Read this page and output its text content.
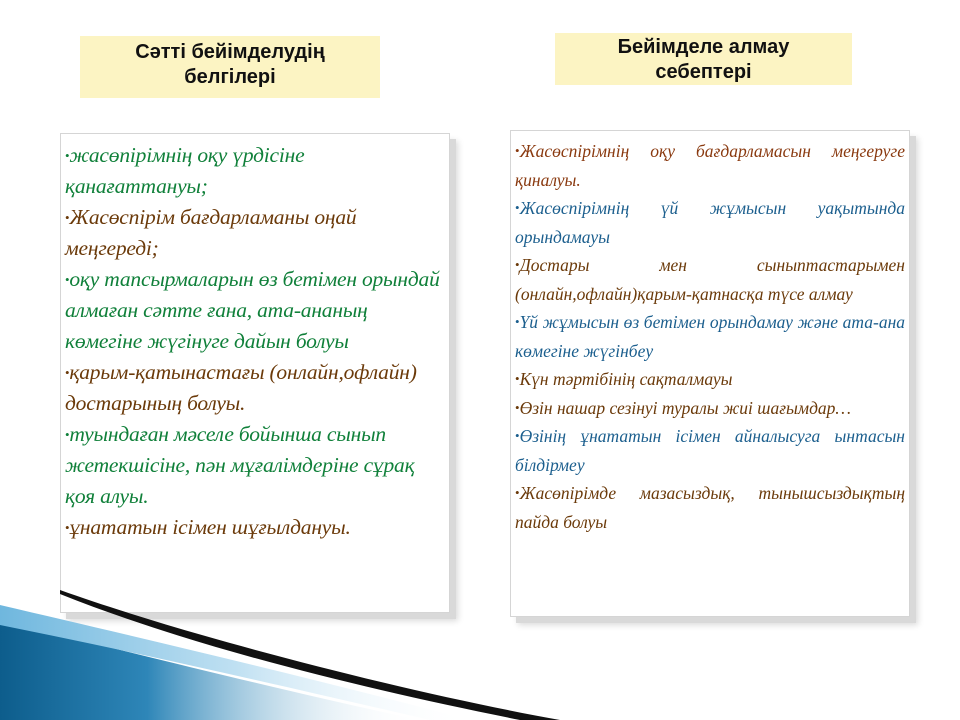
Сәтті бейімделудің
белгілері
Бейімделе алмау
себептері

•жасөпірімнің оқу үрдісіне қанағаттануы;

•Жасөспірім бағдарламаны оңай меңгереді;

•оқу тапсырмаларын өз бетімен орындай алмаған сәтте ғана, ата-ананың көмегіне жүгінуге дайын болуы

•қарым-қатынастағы (онлайн,офлайн) достарының болуы.

•туындаған мәселе бойынша сынып жетекшісіне, пән мұғалімдеріне сұрақ қоя алуы.

•ұнататын ісімен шұғылдануы.

•Жасөспірімнің оқу бағдарламасын меңгеруге қиналуы.

•Жасөспірімнің үй жұмысын уақытында орындамауы

•Достары мен сыныптастарымен (онлайн,офлайн)қарым-қатнасқа түсе алмау

•Үй жұмысын өз бетімен орындамау және ата-ана көмегіне жүгінбеу

•Күн тәртібінің сақталмауы

•Өзін нашар сезінуі туралы жиі шағымдар…

•Өзінің ұнататын ісімен айналысуга ынтасын білдірмеу

•Жасөпірімде мазасыздық, тынышсыздықтың пайда болуы
